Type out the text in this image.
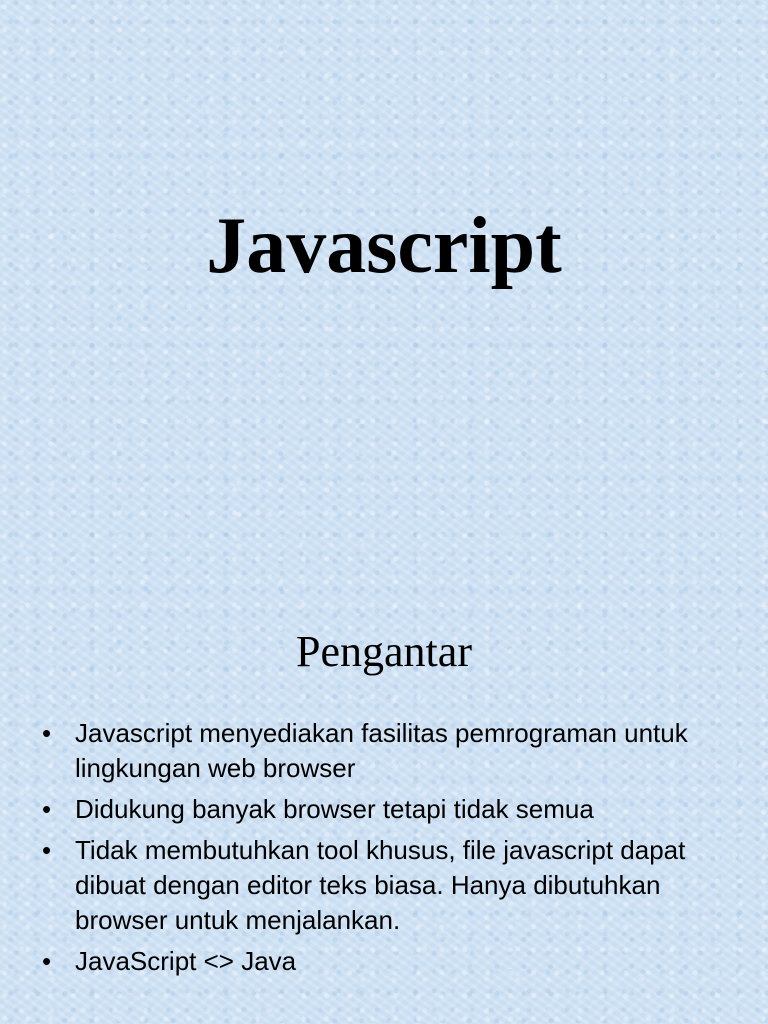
Javascript
Pengantar
• Javascript menyediakan fasilitas pemrograman untuk lingkungan web browser
• Didukung banyak browser tetapi tidak semua
• Tidak membutuhkan tool khusus, file javascript dapat dibuat dengan editor teks biasa. Hanya dibutuhkan browser untuk menjalankan.
• JavaScript <> Java
